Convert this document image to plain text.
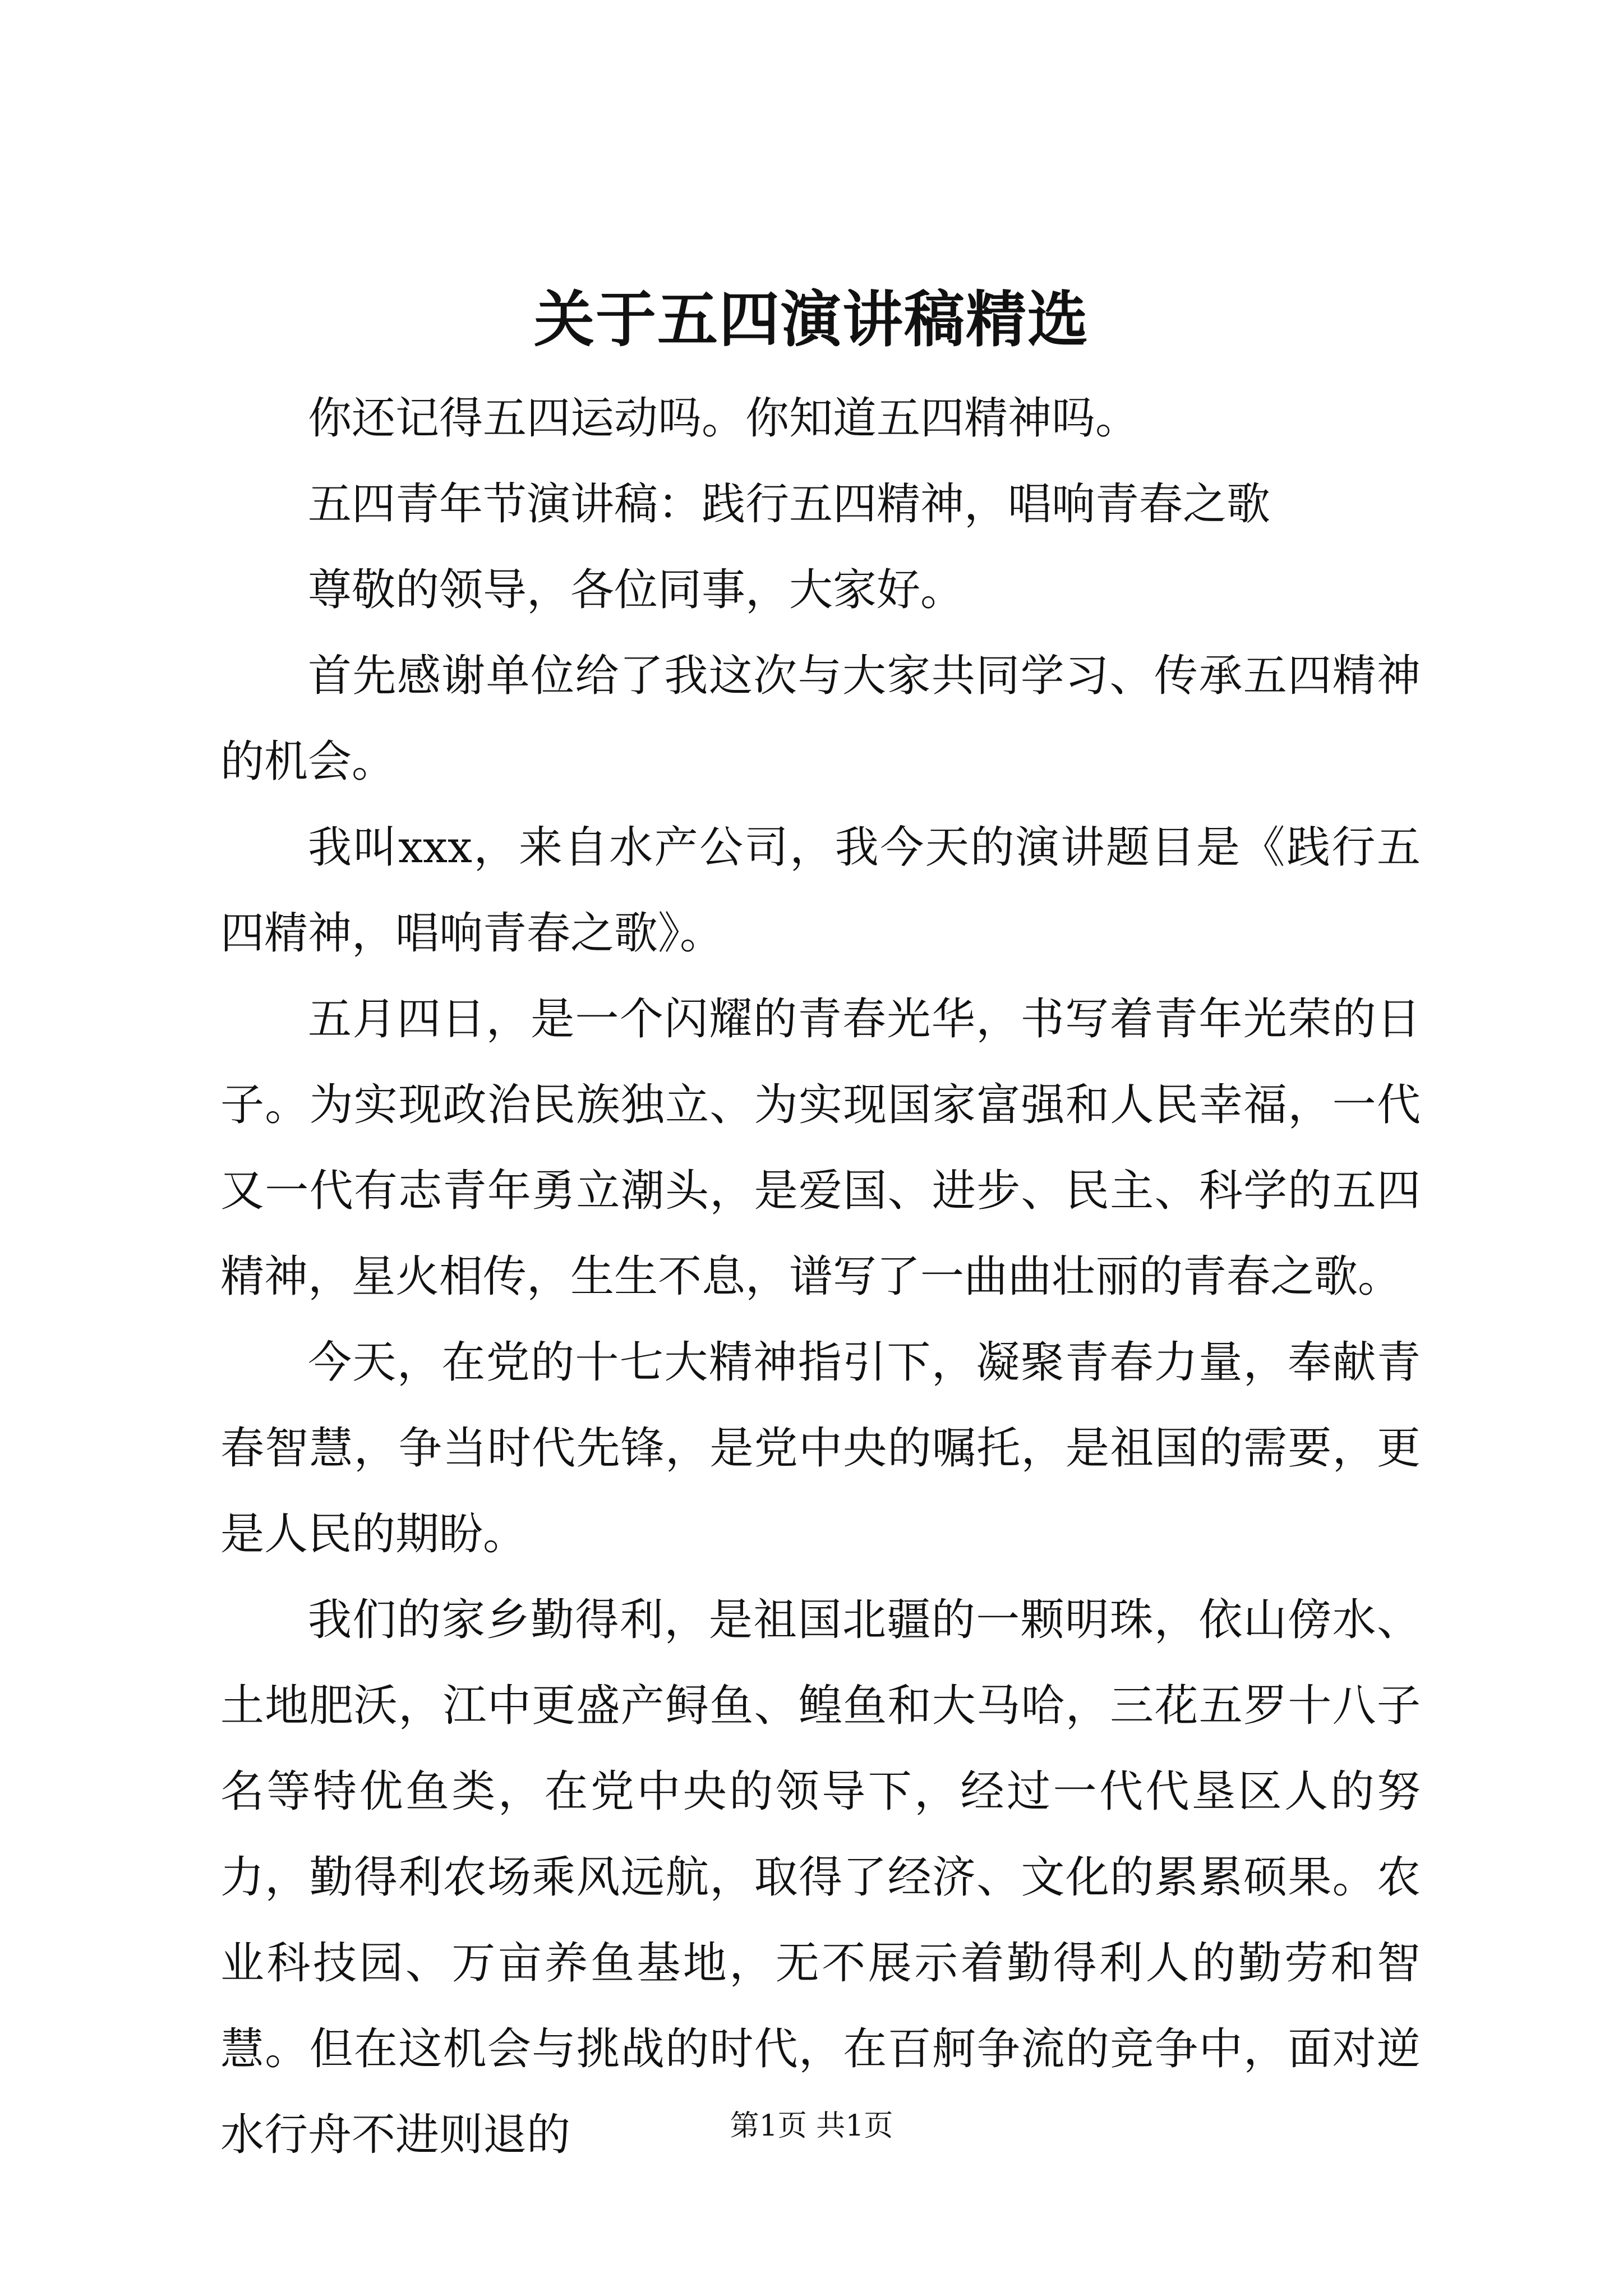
关于五四演讲稿精选

你还记得五四运动吗。你知道五四精神吗。

五四青年节演讲稿：践行五四精神，唱响青春之歌

尊敬的领导，各位同事，大家好。

首先感谢单位给了我这次与大家共同学习、传承五四精神的机会。

我叫xxx，来自水产公司，我今天的演讲题目是《践行五四精神，唱响青春之歌》。

五月四日，是一个闪耀的青春光华，书写着青年光荣的日子。为实现政治民族独立、为实现国家富强和人民幸福，一代又一代有志青年勇立潮头，是爱国、进步、民主、科学的五四精神，星火相传，生生不息，谱写了一曲曲壮丽的青春之歌。

今天，在党的十七大精神指引下，凝聚青春力量，奉献青春智慧，争当时代先锋，是党中央的嘱托，是祖国的需要，更是人民的期盼。

我们的家乡勤得利，是祖国北疆的一颗明珠，依山傍水、土地肥沃，江中更盛产鲟鱼、鳇鱼和大马哈，三花五罗十八子名等特优鱼类，在党中央的领导下，经过一代代垦区人的努力，勤得利农场乘风远航，取得了经济、文化的累累硕果。农业科技园、万亩养鱼基地，无不展示着勤得利人的勤劳和智慧。但在这机会与挑战的时代，在百舸争流的竞争中，面对逆水行舟不进则退的	第1页 共1页
